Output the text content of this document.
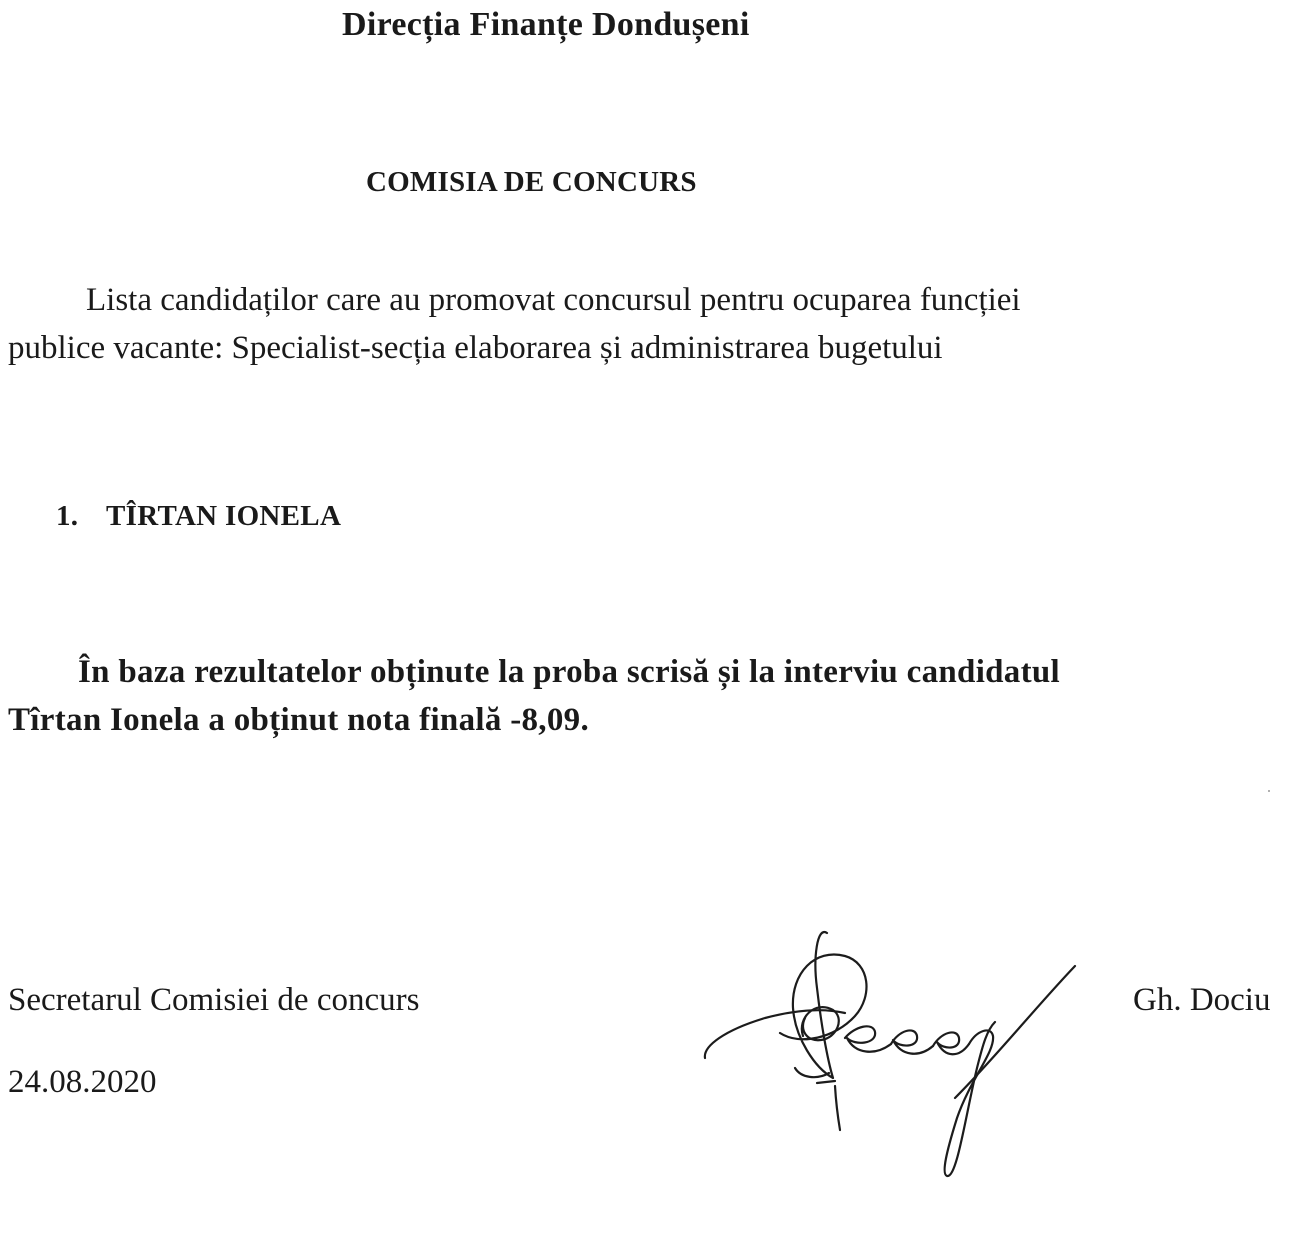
Direcția Finanțe Dondușeni
COMISIA DE CONCURS
Lista candidaților care au promovat concursul pentru ocuparea funcției
publice vacante: Specialist-secția elaborarea și administrarea bugetului
1. TÎRTAN IONELA
În baza rezultatelor obținute la proba scrisă și la interviu candidatul
Tîrtan Ionela a obținut nota finală -8,09.
Secretarul Comisiei de concurs	Gh. Dociu
24.08.2020
